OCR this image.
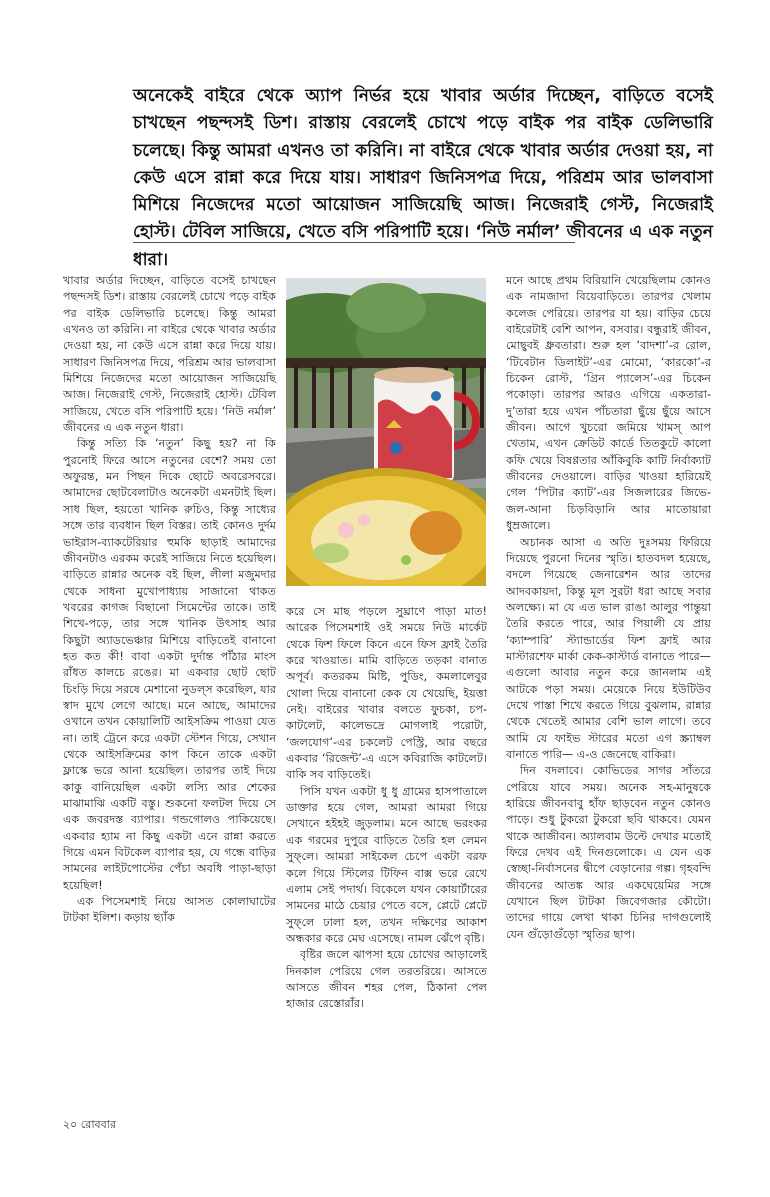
অনেকেই বাইরে থেকে অ্যাপ নির্ভর হয়ে খাবার অর্ডার দিচ্ছেন, বাড়িতে বসেই চাখছেন পছন্দসই ডিশ। রাস্তায় বেরলেই চোখে পড়ে বাইক পর বাইক ডেলিভারি চলেছে। কিন্তু আমরা এখনও তা করিনি। না বাইরে থেকে খাবার অর্ডার দেওয়া হয়, না কেউ এসে রান্না করে দিয়ে যায়। সাধারণ জিনিসপত্র দিয়ে, পরিশ্রম আর ভালবাসা মিশিয়ে নিজেদের মতো আয়োজন সাজিয়েছি আজ। নিজেরাই গেস্ট, নিজেরাই হোস্ট। টেবিল সাজিয়ে, খেতে বসি পরিপাটি হয়ে। ‘নিউ নর্মাল’ জীবনের এ এক নতুন ধারা।

খাবার অর্ডার দিচ্ছেন, বাড়িতে বসেই চাখছেন পছন্দসই ডিশ। রাস্তায় বেরলেই চোখে পড়ে বাইক পর বাইক ডেলিভারি চলেছে। কিন্তু আমরা এখনও তা করিনি। না বাইরে থেকে খাবার অর্ডার দেওয়া হয়, না কেউ এসে রান্না করে দিয়ে যায়। সাধারণ জিনিসপত্র দিয়ে, পরিশ্রম আর ভালবাসা মিশিয়ে নিজেদের মতো আয়োজন সাজিয়েছি আজ। নিজেরাই গেস্ট, নিজেরাই হোস্ট। টেবিল সাজিয়ে, খেতে বসি পরিপাটি হয়ে। ‘নিউ নর্মাল’ জীবনের এ এক নতুন ধারা।

কিন্তু সত্যি কি ‘নতুন’ কিছু হয়? না কি পুরনোই ফিরে আসে নতুনের বেশে? সময় তো অফুরন্ত, মন পিছন দিকে ছোটে অবরেসবরে। আমাদের ছোটবেলাটাও অনেকটা এমনটাই ছিল। সাধ ছিল, হয়তো খানিক রুচিও, কিন্তু সাধ্যের সঙ্গে তার ব্যবধান ছিল বিস্তর। তাই কোনও দুর্দম ভাইরাস-ব্যাকটেরিয়ার হুমকি ছাড়াই আমাদের জীবনটাও এরকম করেই সাজিয়ে নিতে হয়েছিল। বাড়িতে রান্নার অনেক বই ছিল, লীলা মজুমদার থেকে সাধনা মুখোপাধ্যায় সাজানো থাকত খবরের কাগজ বিছানো সিমেন্টের তাকে। তাই শিখে-পড়ে, তার সঙ্গে খানিক উৎসাহ আর কিছুটা অ্যাডভেঞ্চার মিশিয়ে বাড়িতেই বানানো হত কত কী! বাবা একটা দুর্দান্ত পাঁঠার মাংস রাঁধত কালচে রঙের। মা একবার ছোট ছোট চিংড়ি দিয়ে সরষে মেশানো নুডল্‌স করেছিল, যার স্বাদ মুখে লেগে আছে। মনে আছে, আমাদের ওখানে তখন কোয়ালিটি আইসক্রিম পাওয়া যেত না। তাই ট্রেনে করে একটা স্টেশন গিয়ে, সেখান থেকে আইসক্রিমের কাপ কিনে তাকে একটা ফ্লাস্কে ভরে আনা হয়েছিল। তারপর তাই দিয়ে কাকু বানিয়েছিল একটা লস্যি আর শেকের মাঝামাঝি একটি বস্তু। শুকনো ফলটল দিয়ে সে এক জবরদস্ত ব্যাপার। গন্ডগোলও পাকিয়েছে। একবার হ্যাম না কিছু একটা এনে রান্না করতে গিয়ে এমন বিটকেল ব্যাপার হয়, যে গন্ধে বাড়ির সামনের লাইটপোস্টের পেঁচা অবধি পাড়া-ছাড়া হয়েছিল!

এক পিসেমশাই নিয়ে আসত কোলাঘাটের টাটকা ইলিশ। কড়ায় ছ্যাঁক

করে সে মাছ পড়লে সুঘ্রাণে পাড়া মাত! আরেক পিসেমশাই ওই সময়ে নিউ মার্কেট থেকে ফিশ ফিলে কিনে এনে ফিস ফ্রাই তৈরি করে খাওয়াত। মামি বাড়িতে তড়কা বানাত অপূর্ব। কতরকম মিষ্টি, পুডিং, কমলালেবুর খোলা দিয়ে বানানো কেক যে খেয়েছি, ইয়ত্তা নেই। বাইরের খাবার বলতে ফুচকা, চপ-কাটলেট, কালেভদ্রে মোগলাই পরোটা, ‘জলযোগ’-এর চকলেট পেস্ট্রি, আর বছরে একবার ‘রিজেন্ট’-এ এসে কবিরাজি কাটলেট। বাকি সব বাড়িতেই।

পিসি যখন একটা ধু ধু গ্রামের হাসপাতালে ডাক্তার হয়ে গেল, আমরা আমরা গিয়ে সেখানে হইহই জুড়লাম। মনে আছে ভরংকর এক গরমের দুপুরে বাড়িতে তৈরি হল লেমন সুফ্‌লে। আমরা সাইকেল চেপে একটা বরফ কলে গিয়ে স্টিলের টিফিন বাক্স ভরে রেখে এলাম সেই পদার্থ। বিকেলে যখন কোয়ার্টারের সামনের মাঠে চেয়ার পেতে বসে, প্লেটে প্লেটে সুফ্‌লে ঢালা হল, তখন দক্ষিণের আকাশ অন্ধকার করে মেঘ এসেছে। নামল ঝেঁপে বৃষ্টি।

বৃষ্টির জলে ঝাপসা হয়ে চোখের আড়ালেই দিনকাল পেরিয়ে গেল তরতরিয়ে। আসতে আসতে জীবন শহর পেল, ঠিকানা পেল হাজার রেস্তোরাঁর।

মনে আছে প্রথম বিরিয়ানি খেয়েছিলাম কোনও এক নামজাদা বিয়েবাড়িতে। তারপর খেলাম কলেজ পেরিয়ে। তারপর যা হয়। বাড়ির চেয়ে বাইরেটাই বেশি আপন, বসবার। বন্ধুরাই জীবন, মোছ্ববই ধ্রুবতারা। শুরু হল ‘বাদশা’-র রোল, ‘টিবেটান ডিলাইট’-এর মোমো, ‘কারকো’-র চিকেন রোস্ট, ‘গ্রিন প্যালেস’-এর চিকেন পকোড়া। তারপর আরও এগিয়ে একতারা-দু’তারা হয়ে এখন পাঁচতারা ছুঁয়ে ছুঁয়ে আসে জীবন। আগে খুচরো জমিয়ে খামস্‌ আপ খেতাম, এখন ক্রেডিট কার্ডে তিতকুটে কালো কফি খেয়ে বিষণ্ণতার আঁকিবুকি কাটি নির্বাক্যাট জীবনের দেওয়ালে। বাড়ির খাওয়া হারিয়েই গেল ‘পিটার ক্যাট’-এর সিজলারের জিভে-জল-আনা চিড়বিড়ানি আর মাতোয়ারা ধুম্রজালে।

অচানক আসা এ অতি দুঃসময় ফিরিয়ে দিয়েছে পুরনো দিনের স্মৃতি। হাতবদল হয়েছে, বদলে গিয়েছে জেনারেশন আর তাদের আদবকায়দা, কিন্তু মূল সুরটা ধরা আছে সবার অলক্ষ্যে। মা যে এত ভাল রাঙা আলুর পান্তুয়া তৈরি করতে পারে, আর পিয়ালী যে প্রায় ‘ক্যাম্পারি’ স্ট্যান্ডার্ডের ফিশ ফ্রাই আর মাস্টারশেফ মার্কা কেক-কাস্টার্ড বানাতে পারে— এগুলো আবার নতুন করে জানলাম এই আটকে পড়া সময়। মেয়েকে নিয়ে ইউটিউব দেখে পাস্তা শিখে করতে গিয়ে বুঝলাম, রান্নার থেকে খেতেই আমার বেশি ভাল লাগে। তবে আমি যে ফাইভ স্টারের মতো এগ স্ক্র্যাম্বল বানাতে পারি— এ-ও জেনেছে বাকিরা।

দিন বদলাবে। কোভিডের সাগর সাঁতরে পেরিয়ে যাবে সময়। অনেক সহ-মানুষকে হারিয়ে জীবনবাবু হাঁফ ছাড়বেন নতুন কোনও পাড়ে। শুধু টুকরো টুকরো ছবি থাকবে। যেমন থাকে আজীবন। অ্যালবাম উল্টে দেখার মতোই ফিরে দেখব এই দিনগুলোকে। এ যেন এক স্বেচ্ছা-নির্বাসনের দ্বীপে বেড়ানোর গল্প। গৃহবন্দি জীবনের আতঙ্ক আর একঘেয়েমির সঙ্গে যেখানে ছিল টাটকা জিবেগজার কৌটো। তাদের গায়ে লেখা থাকা চিনির দাগগুলোই যেন গুঁড়োগুঁড়ো স্মৃতির ছাপ।

২০ রোববার
